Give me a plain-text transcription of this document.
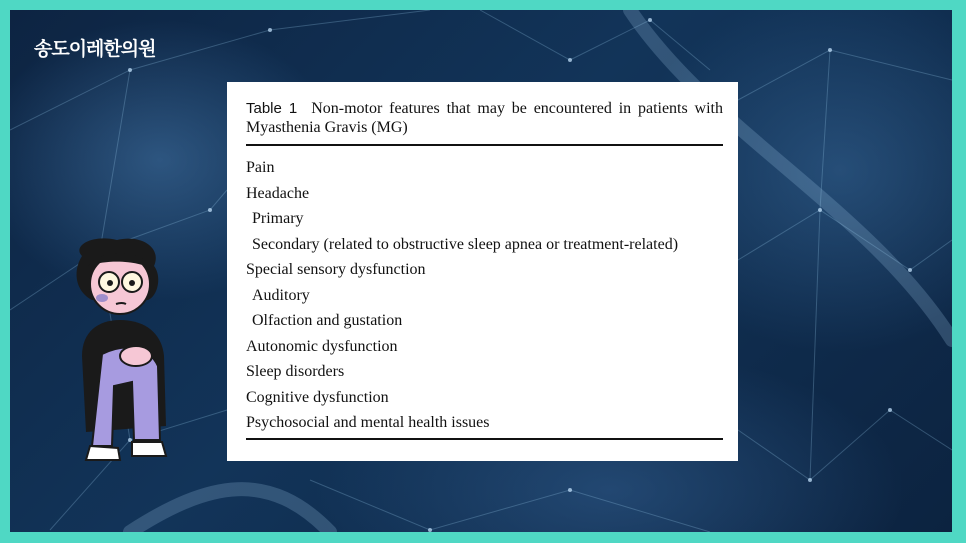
송도이레한의원
Table 1 Non-motor features that may be encountered in patients with Myasthenia Gravis (MG)
Pain
Headache
Primary
Secondary (related to obstructive sleep apnea or treatment-related)
Special sensory dysfunction
Auditory
Olfaction and gustation
Autonomic dysfunction
Sleep disorders
Cognitive dysfunction
Psychosocial and mental health issues
